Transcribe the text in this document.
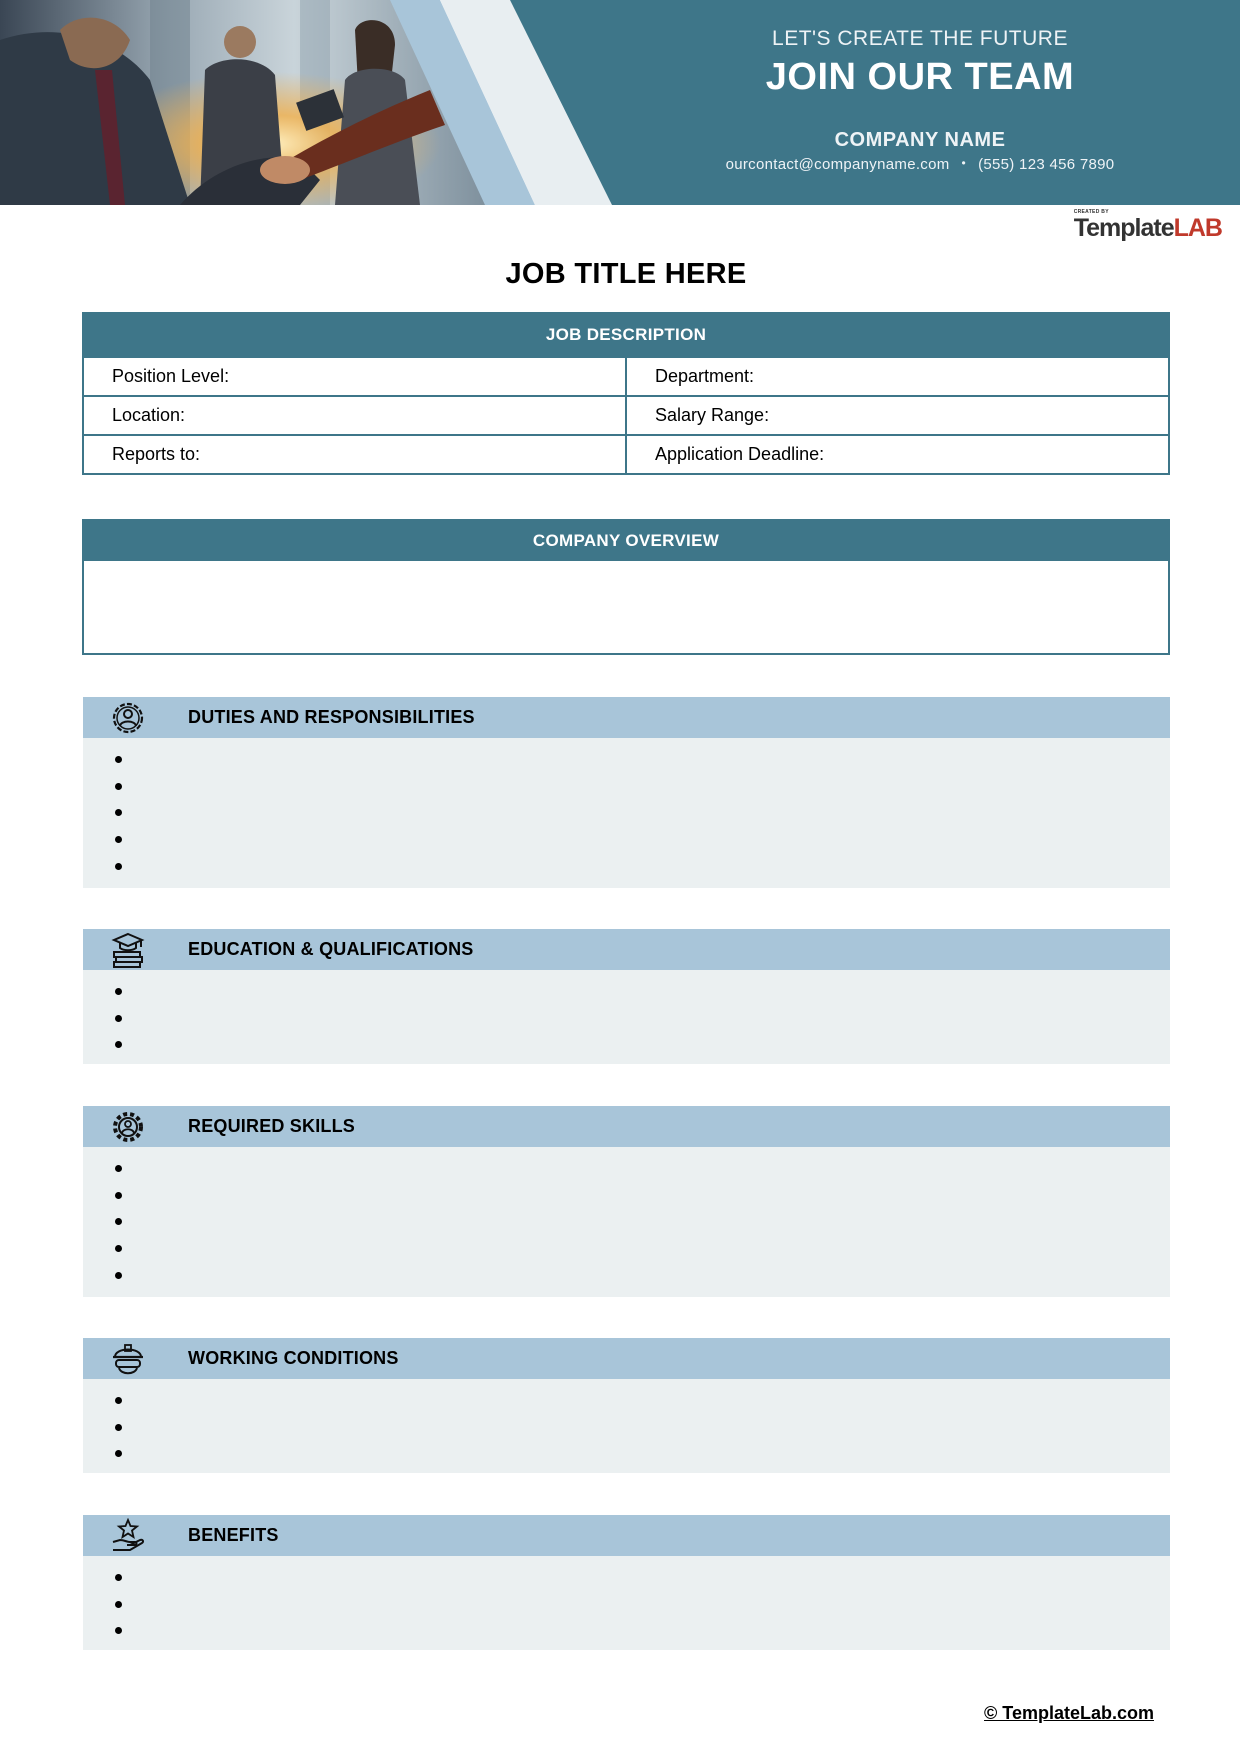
LET'S CREATE THE FUTURE
JOIN OUR TEAM
COMPANY NAME
ourcontact@companyname.com • (555) 123 456 7890
CREATED BY
TemplateLAB
JOB TITLE HERE
JOB DESCRIPTION	
Position Level:	Department:
Location:	Salary Range:
Reports to:	Application Deadline:
COMPANY OVERVIEW
DUTIES AND RESPONSIBILITIES
EDUCATION & QUALIFICATIONS
REQUIRED SKILLS
WORKING CONDITIONS
BENEFITS
© TemplateLab.com
